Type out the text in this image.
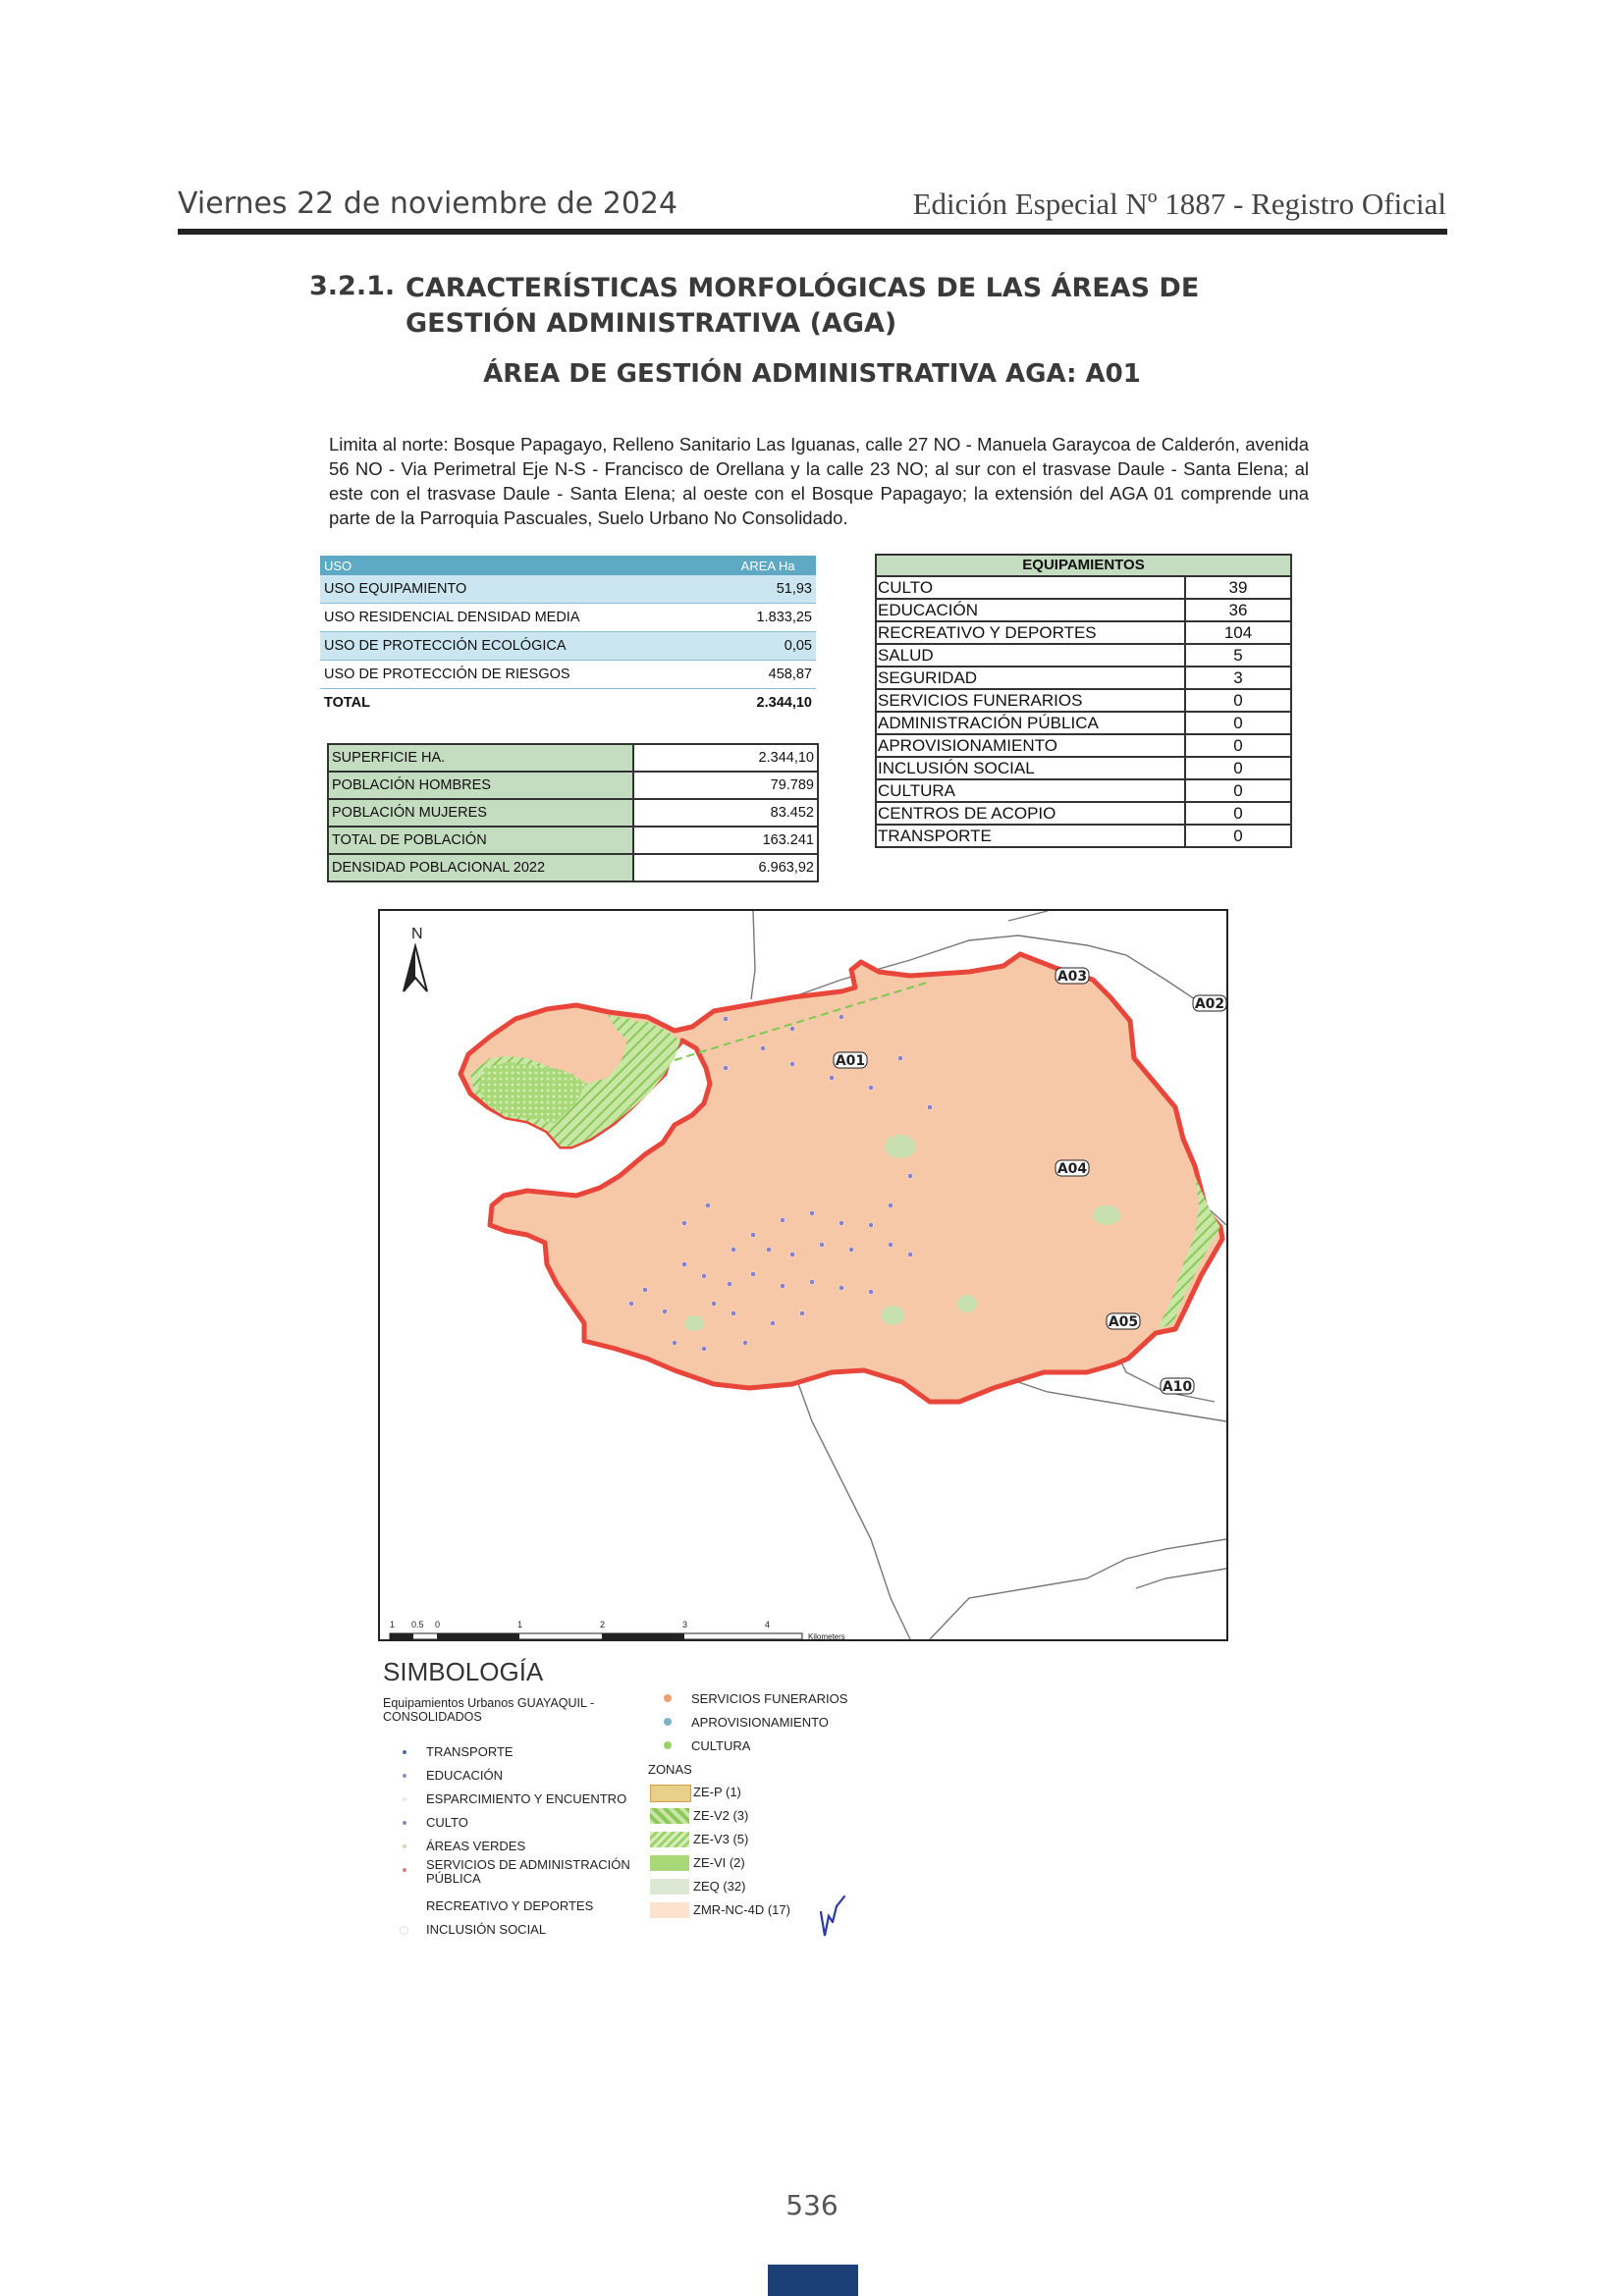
Viernes 22 de noviembre de 2024	Edición Especial Nº 1887 - Registro Oficial
3.2.1. CARACTERÍSTICAS MORFOLÓGICAS DE LAS ÁREAS DE GESTIÓN ADMINISTRATIVA (AGA)
ÁREA DE GESTIÓN ADMINISTRATIVA AGA: A01
Limita al norte: Bosque Papagayo, Relleno Sanitario Las Iguanas, calle 27 NO - Manuela Garaycoa de Calderón, avenida 56 NO - Via Perimetral Eje N-S - Francisco de Orellana y la calle 23 NO; al sur con el trasvase Daule - Santa Elena; al este con el trasvase Daule - Santa Elena; al oeste con el Bosque Papagayo; la extensión del AGA 01 comprende una parte de la Parroquia Pascuales, Suelo Urbano No Consolidado.
USO	AREA Ha
USO EQUIPAMIENTO	51,93
USO RESIDENCIAL DENSIDAD MEDIA	1.833,25
USO DE PROTECCIÓN ECOLÓGICA	0,05
USO DE PROTECCIÓN DE RIESGOS	458,87
TOTAL	2.344,10
SUPERFICIE HA.	2.344,10
POBLACIÓN HOMBRES	79.789
POBLACIÓN MUJERES	83.452
TOTAL DE POBLACIÓN	163.241
DENSIDAD POBLACIONAL 2022	6.963,92
EQUIPAMIENTOS	
CULTO	39
EDUCACIÓN	36
RECREATIVO Y DEPORTES	104
SALUD	5
SEGURIDAD	3
SERVICIOS FUNERARIOS	0
ADMINISTRACIÓN PÚBLICA	0
APROVISIONAMIENTO	0
INCLUSIÓN SOCIAL	0
CULTURA	0
CENTROS DE ACOPIO	0
TRANSPORTE	0
A01
A03
A02
A04
A05
A10
N
1 0.5 0	1	2	3	4
Kilometers
SIMBOLOGÍA
Equipamientos Urbanos GUAYAQUIL - CONSOLIDADOS
TRANSPORTE
EDUCACIÓN
ESPARCIMIENTO Y ENCUENTRO
CULTO
ÁREAS VERDES
SERVICIOS DE ADMINISTRACIÓN PÚBLICA
RECREATIVO Y DEPORTES
INCLUSIÓN SOCIAL
SERVICIOS FUNERARIOS
APROVISIONAMIENTO
CULTURA
ZONAS
ZE-P (1)
ZE-V2 (3)
ZE-V3 (5)
ZE-VI (2)
ZEQ (32)
ZMR-NC-4D (17)
536
